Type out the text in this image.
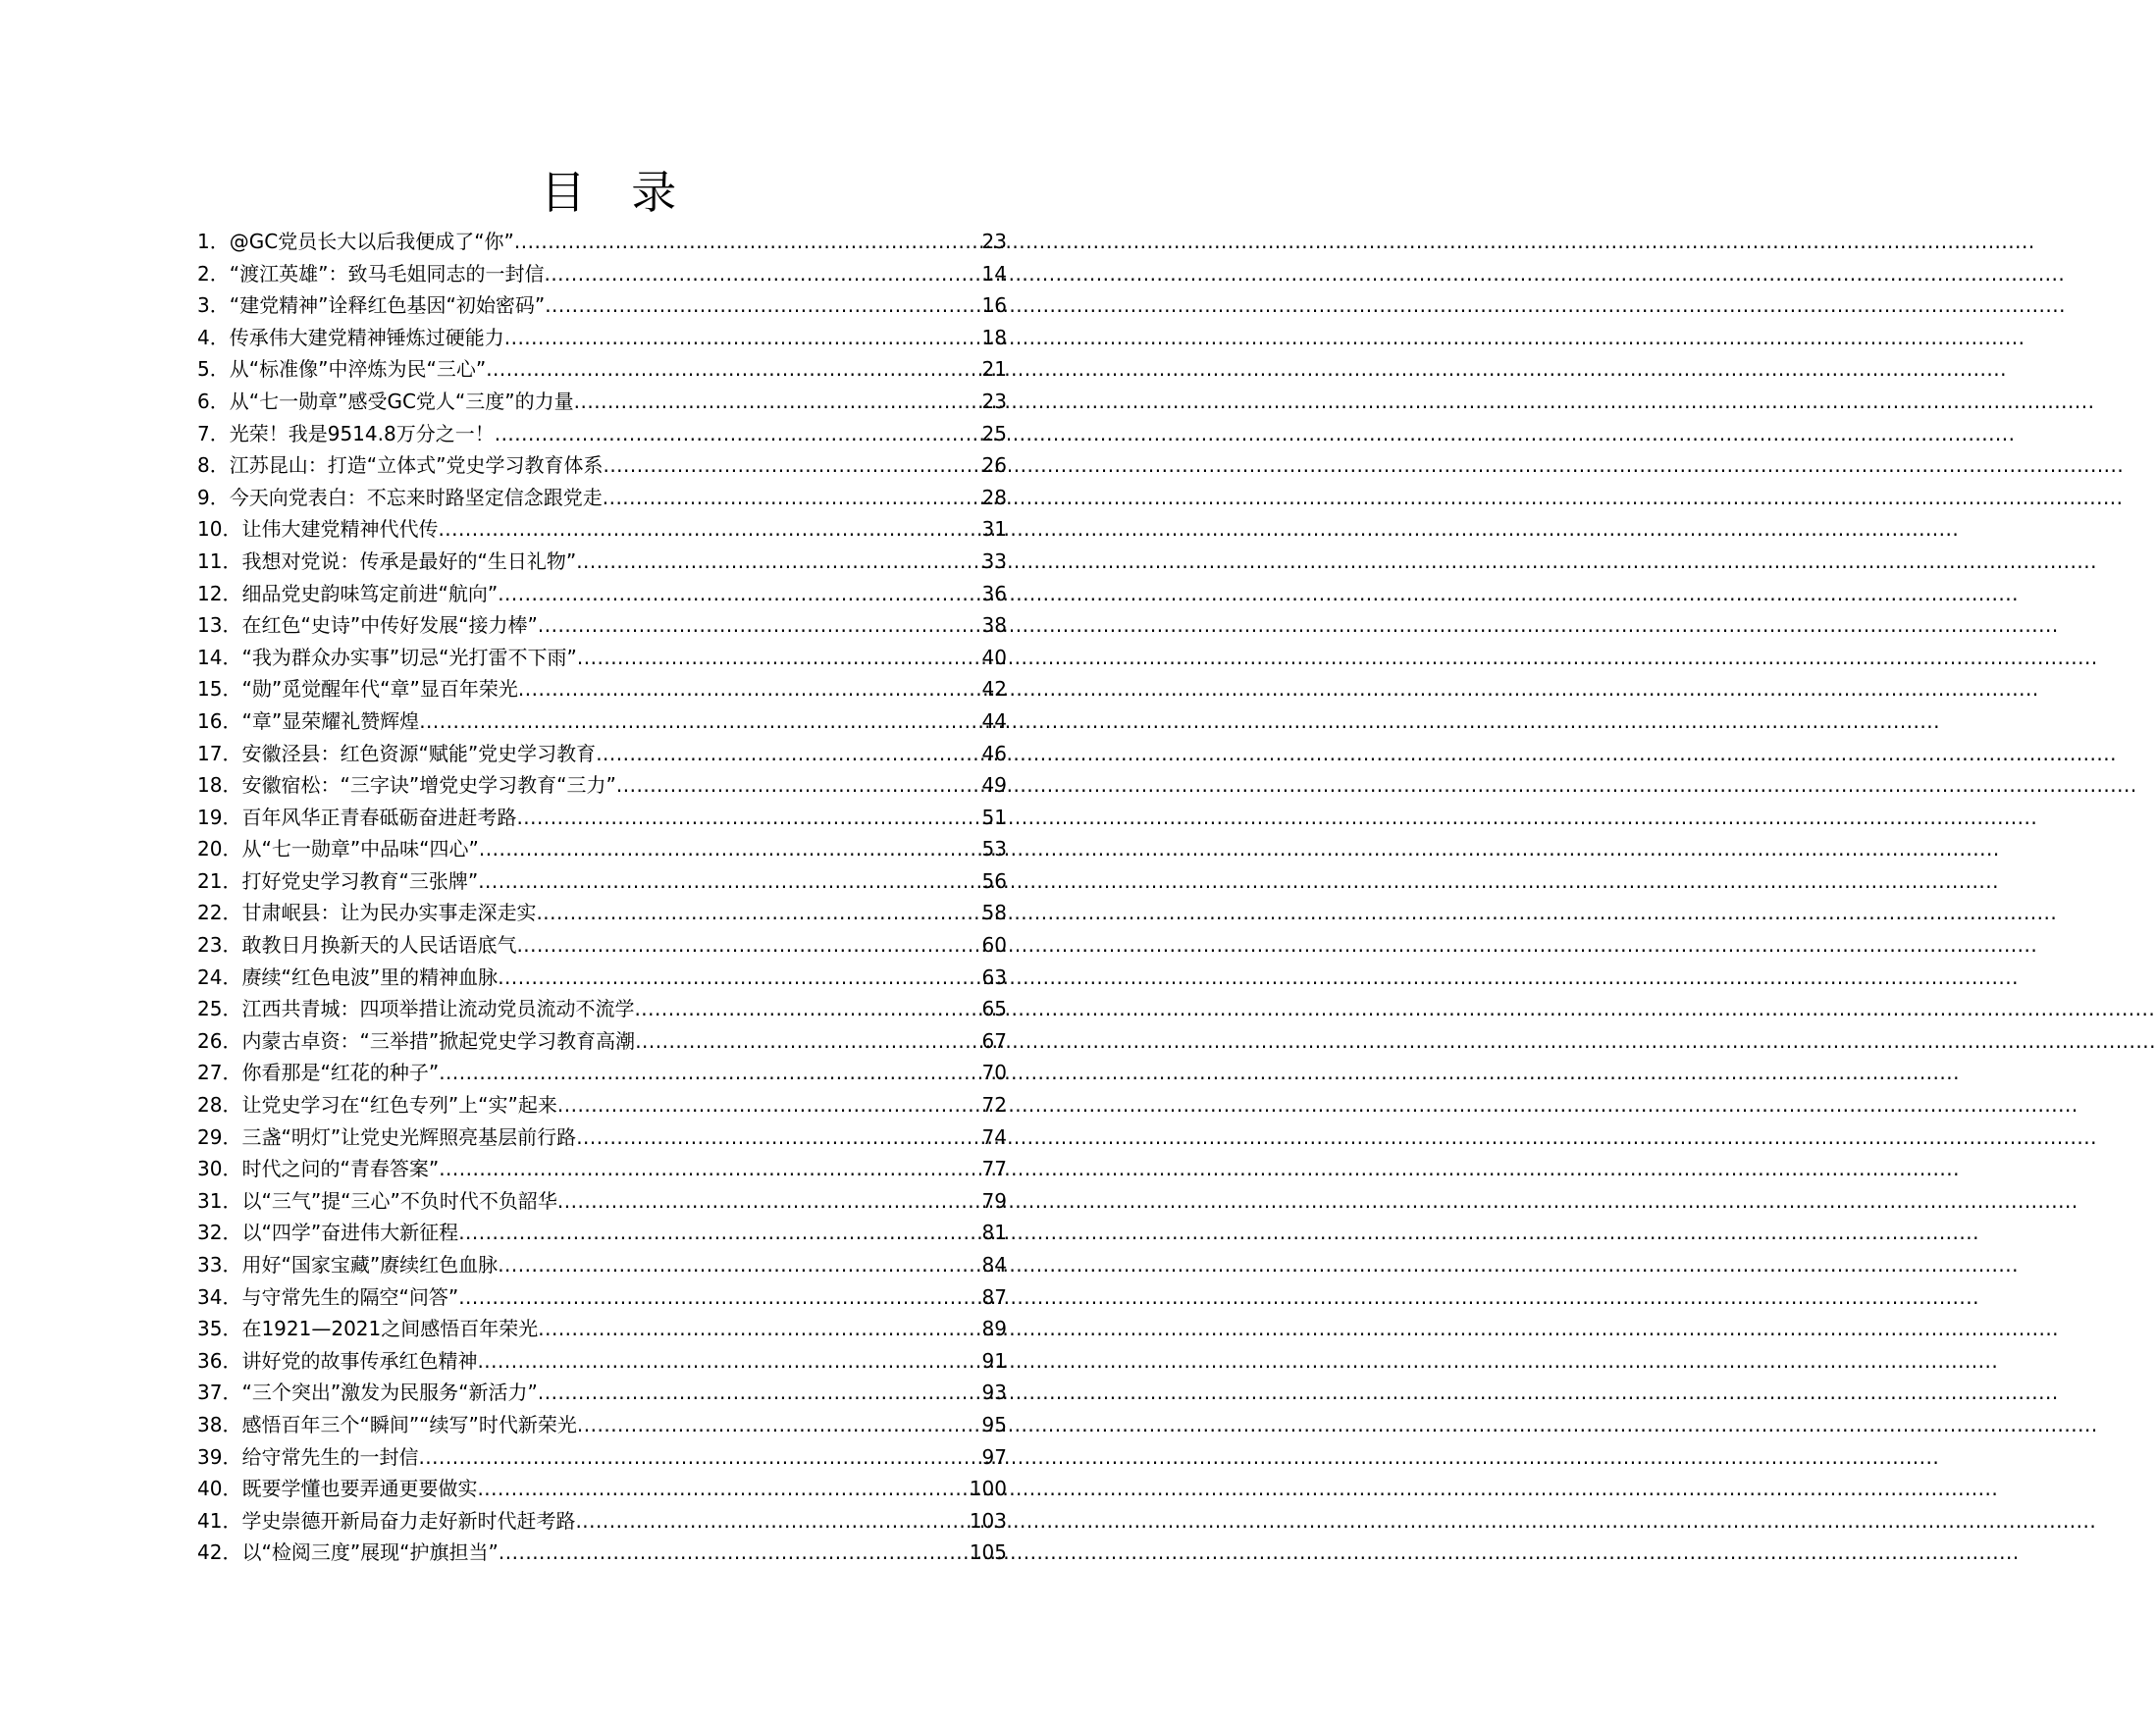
目 录
1． @GC党员长大以后我便成了“你” .....	23
2． “渡江英雄”：致马毛姐同志的一封信 .....	14
3． “建党精神”诠释红色基因“初始密码” .....	16
4． 传承伟大建党精神锤炼过硬能力 .....	18
5． 从“标准像”中淬炼为民“三心” .....	21
6． 从“七一勋章”感受GC党人“三度”的力量 .....	23
7． 光荣！我是9514.8万分之一！ .....	25
8． 江苏昆山：打造“立体式”党史学习教育体系 .....	26
9． 今天向党表白：不忘来时路坚定信念跟党走 .....	28
10． 让伟大建党精神代代传 .....	31
11． 我想对党说：传承是最好的“生日礼物” .....	33
12． 细品党史韵味笃定前进“航向” .....	36
13． 在红色“史诗”中传好发展“接力棒” .....	38
14． “我为群众办实事”切忌“光打雷不下雨” .....	40
15． “勋”觅觉醒年代“章”显百年荣光 .....	42
16． “章”显荣耀礼赞辉煌 .....	44
17． 安徽泾县：红色资源“赋能”党史学习教育 .....	46
18． 安徽宿松：“三字诀”增党史学习教育“三力” .....	49
19． 百年风华正青春砥砺奋进赶考路 .....	51
20． 从“七一勋章”中品味“四心” .....	53
21． 打好党史学习教育“三张牌” .....	56
22． 甘肃岷县：让为民办实事走深走实 .....	58
23． 敢教日月换新天的人民话语底气 .....	60
24． 赓续“红色电波”里的精神血脉 .....	63
25． 江西共青城：四项举措让流动党员流动不流学 .....	65
26． 内蒙古卓资：“三举措”掀起党史学习教育高潮 .....	67
27． 你看那是“红花的种子” .....	70
28． 让党史学习在“红色专列”上“实”起来 .....	72
29． 三盏“明灯”让党史光辉照亮基层前行路 .....	74
30． 时代之问的“青春答案” .....	77
31． 以“三气”提“三心”不负时代不负韶华 .....	79
32． 以“四学”奋进伟大新征程 .....	81
33． 用好“国家宝藏”赓续红色血脉 .....	84
34． 与守常先生的隔空“问答” .....	87
35． 在1921—2021之间感悟百年荣光 .....	89
36． 讲好党的故事传承红色精神 .....	91
37． “三个突出”激发为民服务“新活力” .....	93
38． 感悟百年三个“瞬间”“续写”时代新荣光 .....	95
39． 给守常先生的一封信 .....	97
40． 既要学懂也要弄通更要做实 .....	100
41． 学史崇德开新局奋力走好新时代赶考路 .....	103
42． 以“检阅三度”展现“护旗担当” .....	105
